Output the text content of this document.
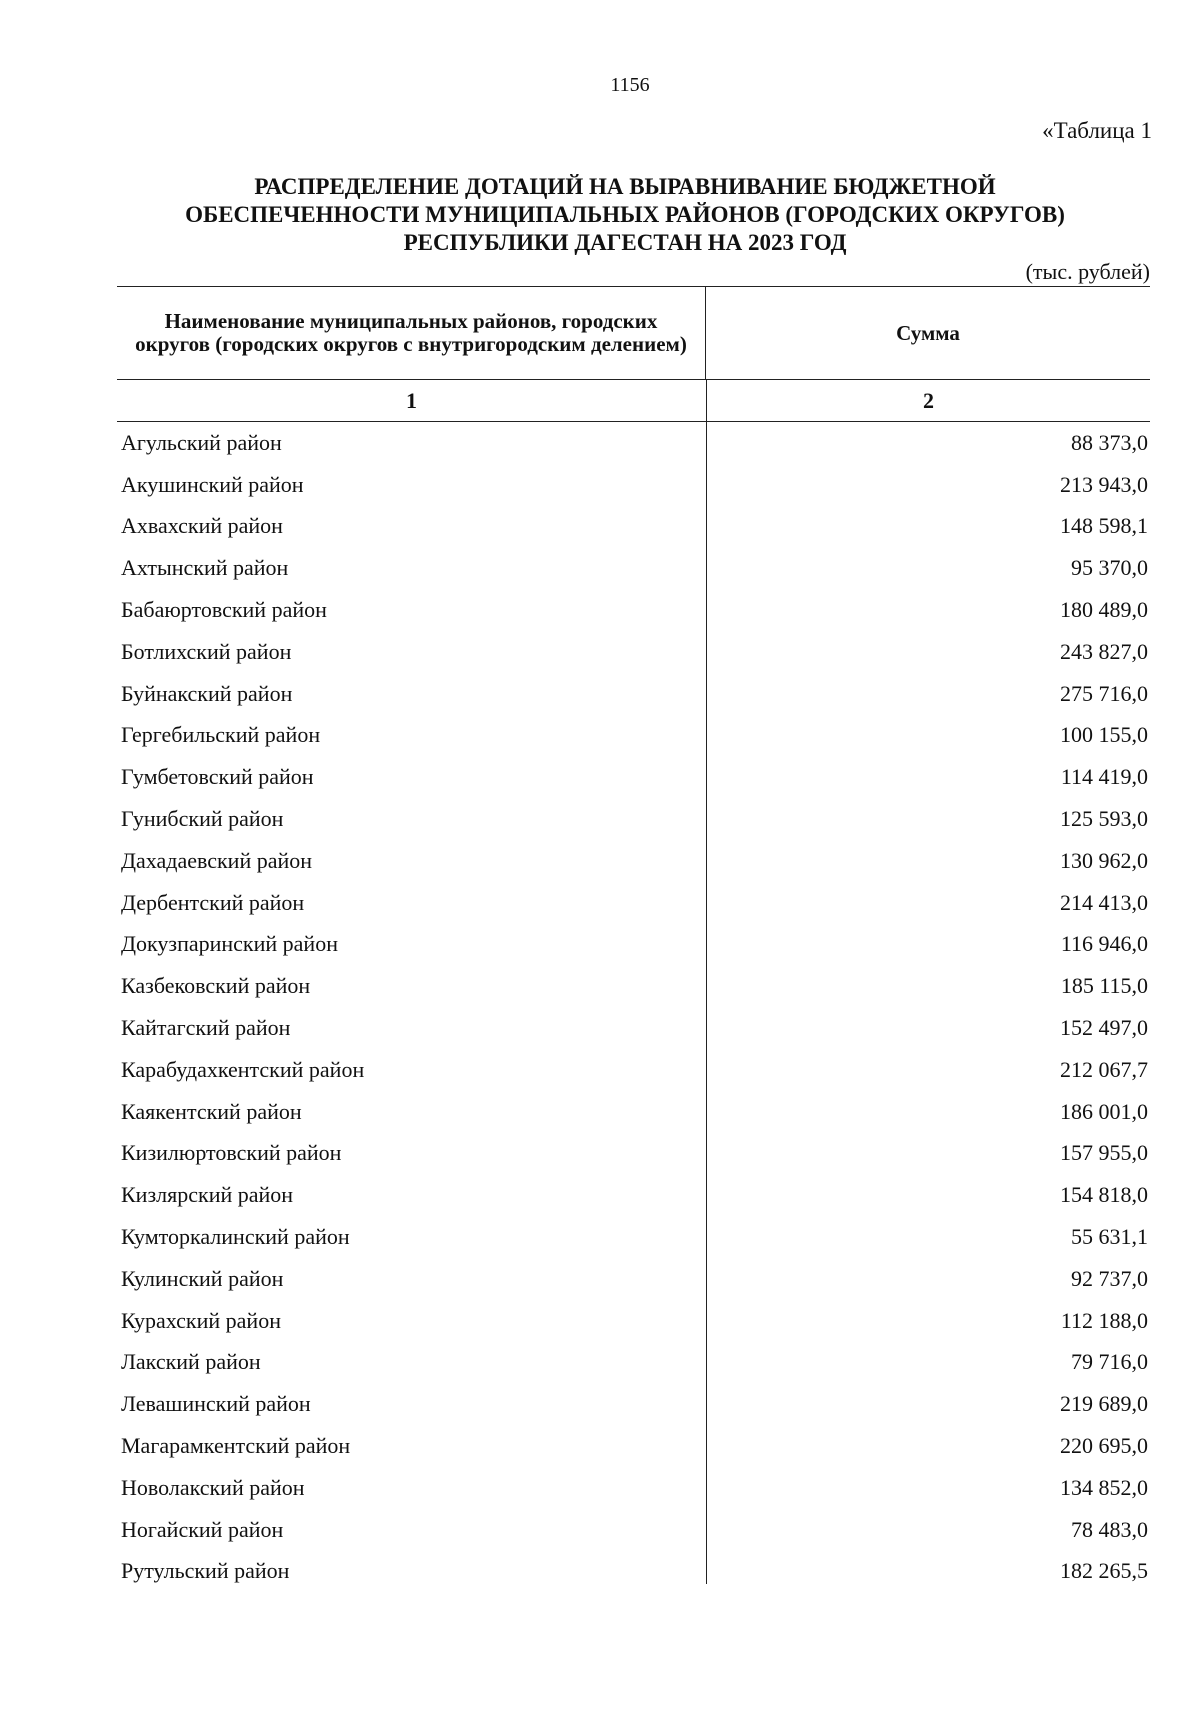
1156
«Таблица 1
РАСПРЕДЕЛЕНИЕ ДОТАЦИЙ НА ВЫРАВНИВАНИЕ БЮДЖЕТНОЙ
ОБЕСПЕЧЕННОСТИ МУНИЦИПАЛЬНЫХ РАЙОНОВ (ГОРОДСКИХ ОКРУГОВ)
РЕСПУБЛИКИ ДАГЕСТАН НА 2023 ГОД
(тыс. рублей)
Наименование муниципальных районов, городских округов (городских округов с внутригородским делением)	Сумма
1	2
Агульский район	88 373,0
Акушинский район	213 943,0
Ахвахский район	148 598,1
Ахтынский район	95 370,0
Бабаюртовский район	180 489,0
Ботлихский район	243 827,0
Буйнакский район	275 716,0
Гергебильский район	100 155,0
Гумбетовский район	114 419,0
Гунибский район	125 593,0
Дахадаевский район	130 962,0
Дербентский район	214 413,0
Докузпаринский район	116 946,0
Казбековский район	185 115,0
Кайтагский район	152 497,0
Карабудахкентский район	212 067,7
Каякентский район	186 001,0
Кизилюртовский район	157 955,0
Кизлярский район	154 818,0
Кумторкалинский район	55 631,1
Кулинский район	92 737,0
Курахский район	112 188,0
Лакский район	79 716,0
Левашинский район	219 689,0
Магарамкентский район	220 695,0
Новолакский район	134 852,0
Ногайский район	78 483,0
Рутульский район	182 265,5
